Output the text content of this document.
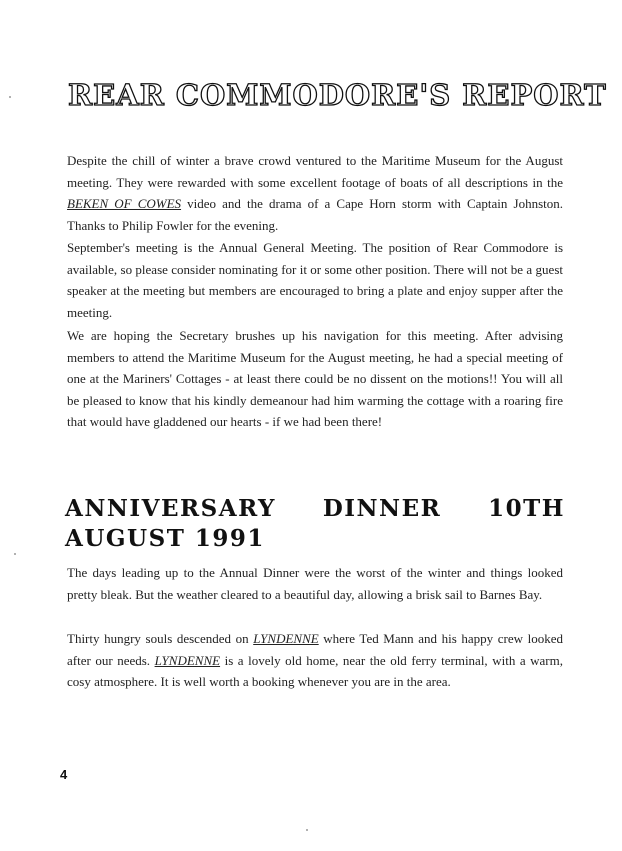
REAR COMMODORE'S REPORT

Despite the chill of winter a brave crowd ventured to the Maritime Museum for the August meeting. They were rewarded with some excellent footage of boats of all descriptions in the BEKEN OF COWES video and the drama of a Cape Horn storm with Captain Johnston. Thanks to Philip Fowler for the evening.

September's meeting is the Annual General Meeting. The position of Rear Commodore is available, so please consider nominating for it or some other position. There will not be a guest speaker at the meeting but members are encouraged to bring a plate and enjoy supper after the meeting.

We are hoping the Secretary brushes up his navigation for this meeting. After advising members to attend the Maritime Museum for the August meeting, he had a special meeting of one at the Mariners' Cottages - at least there could be no dissent on the motions!! You will all be pleased to know that his kindly demeanour had him warming the cottage with a roaring fire that would have gladdened our hearts - if we had been there!

ANNIVERSARY DINNER 10TH
AUGUST 1991

The days leading up to the Annual Dinner were the worst of the winter and things looked pretty bleak. But the weather cleared to a beautiful day, allowing a brisk sail to Barnes Bay.

Thirty hungry souls descended on LYNDENNE where Ted Mann and his happy crew looked after our needs. LYNDENNE is a lovely old home, near the old ferry terminal, with a warm, cosy atmosphere. It is well worth a booking whenever you are in the area.

4
